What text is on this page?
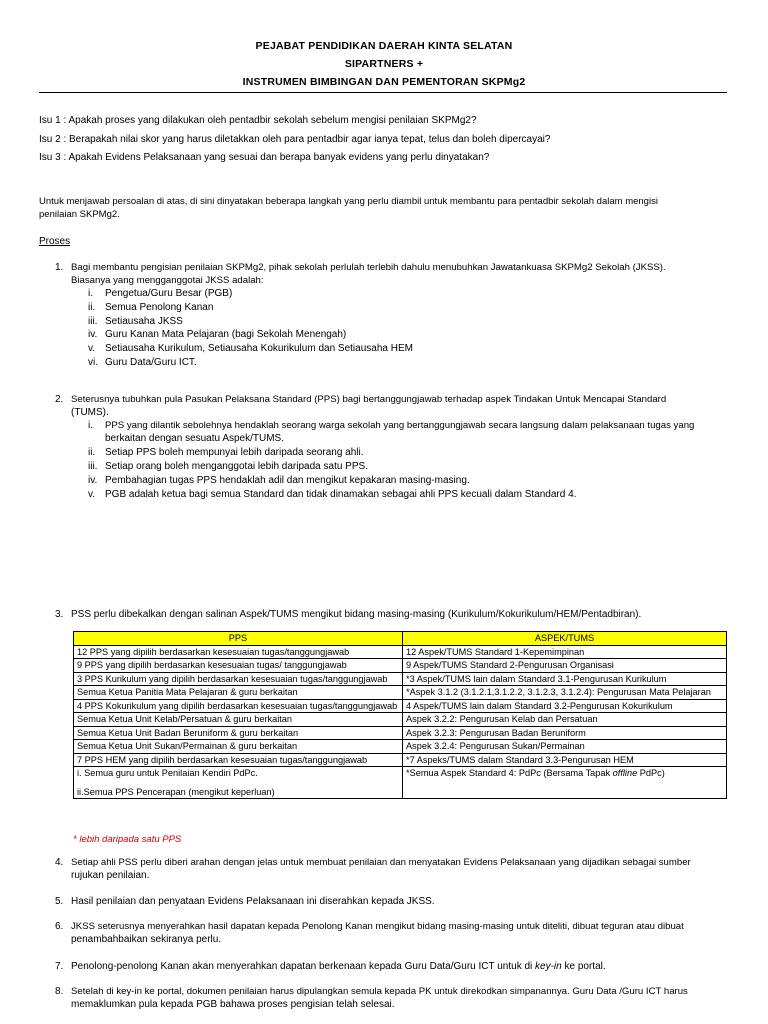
PEJABAT PENDIDIKAN DAERAH KINTA SELATAN
SIPARTNERS +
INSTRUMEN BIMBINGAN DAN PEMENTORAN SKPMg2
Isu 1 : Apakah proses yang dilakukan oleh pentadbir sekolah sebelum mengisi penilaian SKPMg2?
Isu 2 : Berapakah nilai skor yang harus diletakkan oleh para pentadbir agar ianya tepat, telus dan boleh dipercayai?
Isu 3 : Apakah Evidens Pelaksanaan yang sesuai dan berapa banyak evidens yang perlu dinyatakan?
Untuk menjawab persoalan di atas, di sini dinyatakan beberapa langkah yang perlu diambil untuk membantu para pentadbir sekolah dalam mengisi
penilaian SKPMg2.
Proses
1. Bagi membantu pengisian penilaian SKPMg2, pihak sekolah perlulah terlebih dahulu menubuhkan Jawatankuasa SKPMg2 Sekolah (JKSS).
Biasanya yang mengganggotai JKSS adalah:
i. Pengetua/Guru Besar (PGB)
ii. Semua Penolong Kanan
iii. Setiausaha JKSS
iv. Guru Kanan Mata Pelajaran (bagi Sekolah Menengah)
v. Setiausaha Kurikulum, Setiausaha Kokurikulum dan Setiausaha HEM
vi. Guru Data/Guru ICT.
2. Seterusnya tubuhkan pula Pasukan Pelaksana Standard (PPS) bagi bertanggungjawab terhadap aspek Tindakan Untuk Mencapai Standard
(TUMS).
i. PPS yang dilantik sebolehnya hendaklah seorang warga sekolah yang bertanggungjawab secara langsung dalam pelaksanaan tugas yang
berkaitan dengan sesuatu Aspek/TUMS.
ii. Setiap PPS boleh mempunyai lebih daripada seorang ahli.
iii. Setiap orang boleh menganggotai lebih daripada satu PPS.
iv. Pembahagian tugas PPS hendaklah adil dan mengikut kepakaran masing-masing.
v. PGB adalah ketua bagi semua Standard dan tidak dinamakan sebagai ahli PPS kecuali dalam Standard 4.
3. PSS perlu dibekalkan dengan salinan Aspek/TUMS mengikut bidang masing-masing (Kurikulum/Kokurikulum/HEM/Pentadbiran).
PPS	ASPEK/TUMS
12 PPS yang dipilih berdasarkan kesesuaian tugas/tanggungjawab	12 Aspek/TUMS Standard 1-Kepemimpinan
9 PPS yang dipilih berdasarkan kesesuaian tugas/ tanggungjawab	9 Aspek/TUMS Standard 2-Pengurusan Organisasi
3 PPS Kurikulum yang dipilih berdasarkan kesesuaian tugas/tanggungjawab	*3 Aspek/TUMS lain dalam Standard 3.1-Pengurusan Kurikulum
Semua Ketua Panitia Mata Pelajaran & guru berkaitan	*Aspek 3.1.2 (3.1.2.1,3.1.2.2, 3.1.2.3, 3.1.2.4): Pengurusan Mata Pelajaran
4 PPS Kokurikulum yang dipilih berdasarkan kesesuaian tugas/tanggungjawab	4 Aspek/TUMS lain dalam Standard 3.2-Pengurusan Kokurikulum
Semua Ketua Unit Kelab/Persatuan & guru berkaitan	Aspek 3.2.2: Pengurusan Kelab dan Persatuan
Semua Ketua Unit Badan Beruniform & guru berkaitan	Aspek 3.2.3: Pengurusan Badan Beruniform
Semua Ketua Unit Sukan/Permainan & guru berkaitan	Aspek 3.2.4: Pengurusan Sukan/Permainan
7 PPS HEM yang dipilih berdasarkan kesesuaian tugas/tanggungjawab	*7 Aspeks/TUMS dalam Standard 3.3-Pengurusan HEM

i. Semua guru untuk Penilaian Kendiri PdPc.
ii.Semua PPS Pencerapan (mengikut keperluan)	*Semua Aspek Standard 4: PdPc (Bersama Tapak offline PdPc)
* lebih daripada satu PPS
4. Setiap ahli PSS perlu diberi arahan dengan jelas untuk membuat penilaian dan menyatakan Evidens Pelaksanaan yang dijadikan sebagai sumber
rujukan penilaian.
5. Hasil penilaian dan penyataan Evidens Pelaksanaan ini diserahkan kepada JKSS.
6. JKSS seterusnya menyerahkan hasil dapatan kepada Penolong Kanan mengikut bidang masing-masing untuk diteliti, dibuat teguran atau dibuat
penambahbaikan sekiranya perlu.
7. Penolong-penolong Kanan akan menyerahkan dapatan berkenaan kepada Guru Data/Guru ICT untuk di key-in ke portal.
8. Setelah di key-in ke portal, dokumen penilaian harus dipulangkan semula kepada PK untuk direkodkan simpanannya. Guru Data /Guru ICT harus
memaklumkan pula kepada PGB bahawa proses pengisian telah selesai.
